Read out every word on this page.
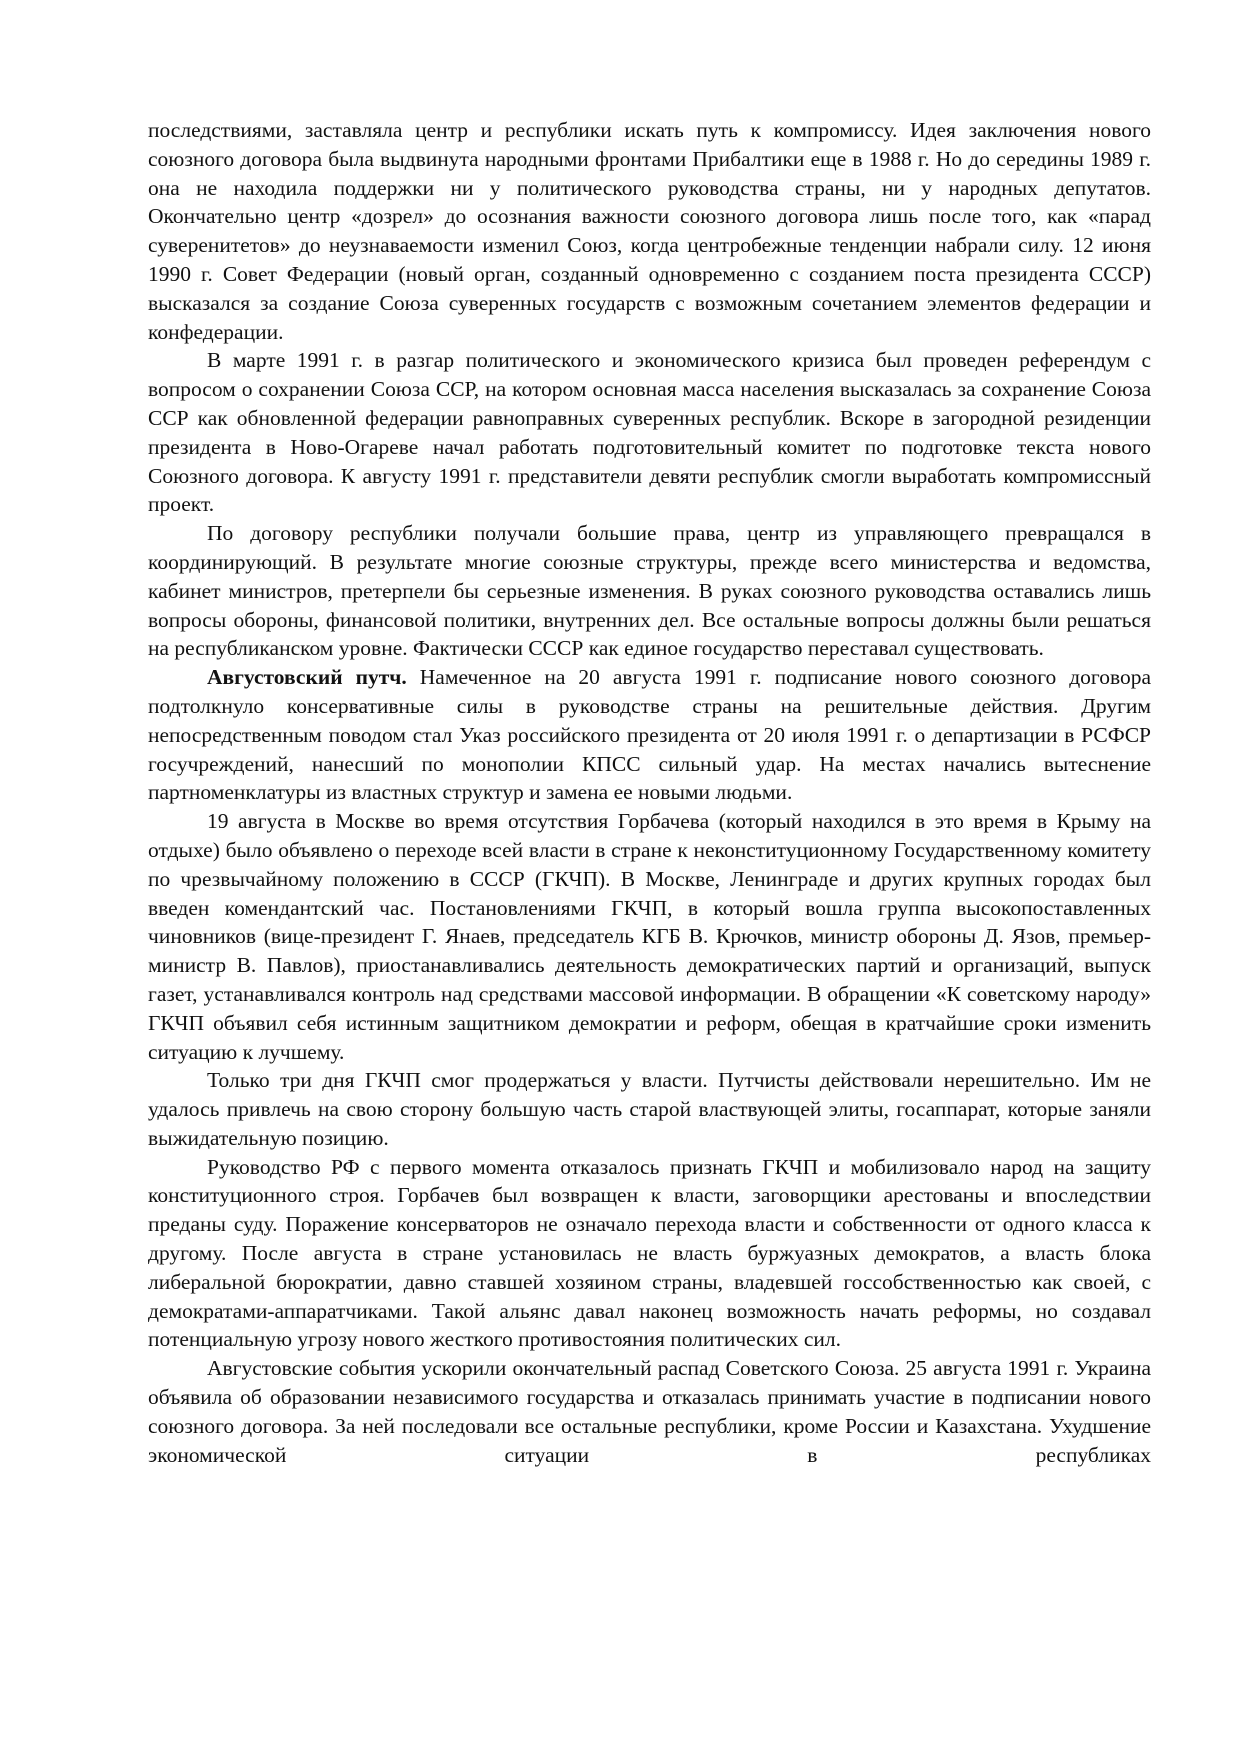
последствиями, заставляла центр и республики искать путь к компромиссу. Идея заключения нового союзного договора была выдвинута народными фронтами Прибалтики еще в 1988 г. Но до середины 1989 г. она не находила поддержки ни у политического руководства страны, ни у народных депутатов. Окончательно центр «дозрел» до осознания важности союзного договора лишь после того, как «парад суверенитетов» до неузнаваемости изменил Союз, когда центробежные тенденции набрали силу. 12 июня 1990 г. Совет Федерации (новый орган, созданный одновременно с созданием поста президента СССР) высказался за создание Союза суверенных государств с возможным сочетанием элементов федерации и конфедерации.

В марте 1991 г. в разгар политического и экономического кризиса был проведен референдум с вопросом о сохранении Союза ССР, на котором основная масса населения высказалась за сохранение Союза ССР как обновленной федерации равноправных суверенных республик. Вскоре в загородной резиденции президента в Ново-Огареве начал работать подготовительный комитет по подготовке текста нового Союзного договора. К августу 1991 г. представители девяти республик смогли выработать компромиссный проект.

По договору республики получали большие права, центр из управляющего превращался в координирующий. В результате многие союзные структуры, прежде всего министерства и ведомства, кабинет министров, претерпели бы серьезные изменения. В руках союзного руководства оставались лишь вопросы обороны, финансовой политики, внутренних дел. Все остальные вопросы должны были решаться на республиканском уровне. Фактически СССР как единое государство переставал существовать.

Августовский путч. Намеченное на 20 августа 1991 г. подписание нового союзного договора подтолкнуло консервативные силы в руководстве страны на решительные действия. Другим непосредственным поводом стал Указ российского президента от 20 июля 1991 г. о департизации в РСФСР госучреждений, нанесший по монополии КПСС сильный удар. На местах начались вытеснение партноменклатуры из властных структур и замена ее новыми людьми.

19 августа в Москве во время отсутствия Горбачева (который находился в это время в Крыму на отдыхе) было объявлено о переходе всей власти в стране к неконституционному Государственному комитету по чрезвычайному положению в СССР (ГКЧП). В Москве, Ленинграде и других крупных городах был введен комендантский час. Постановлениями ГКЧП, в который вошла группа высокопоставленных чиновников (вице-президент Г. Янаев, председатель КГБ В. Крючков, министр обороны Д. Язов, премьер-министр В. Павлов), приостанавливались деятельность демократических партий и организаций, выпуск газет, устанавливался контроль над средствами массовой информации. В обращении «К советскому народу» ГКЧП объявил себя истинным защитником демократии и реформ, обещая в кратчайшие сроки изменить ситуацию к лучшему.

Только три дня ГКЧП смог продержаться у власти. Путчисты действовали нерешительно. Им не удалось привлечь на свою сторону большую часть старой властвующей элиты, госаппарат, которые заняли выжидательную позицию.

Руководство РФ с первого момента отказалось признать ГКЧП и мобилизовало народ на защиту конституционного строя. Горбачев был возвращен к власти, заговорщики арестованы и впоследствии преданы суду. Поражение консерваторов не означало перехода власти и собственности от одного класса к другому. После августа в стране установилась не власть буржуазных демократов, а власть блока либеральной бюрократии, давно ставшей хозяином страны, владевшей госсобственностью как своей, с демократами-аппаратчиками. Такой альянс давал наконец возможность начать реформы, но создавал потенциальную угрозу нового жесткого противостояния политических сил.

Августовские события ускорили окончательный распад Советского Союза. 25 августа 1991 г. Украина объявила об образовании независимого государства и отказалась принимать участие в подписании нового союзного договора. За ней последовали все остальные республики, кроме России и Казахстана. Ухудшение экономической ситуации в республиках
